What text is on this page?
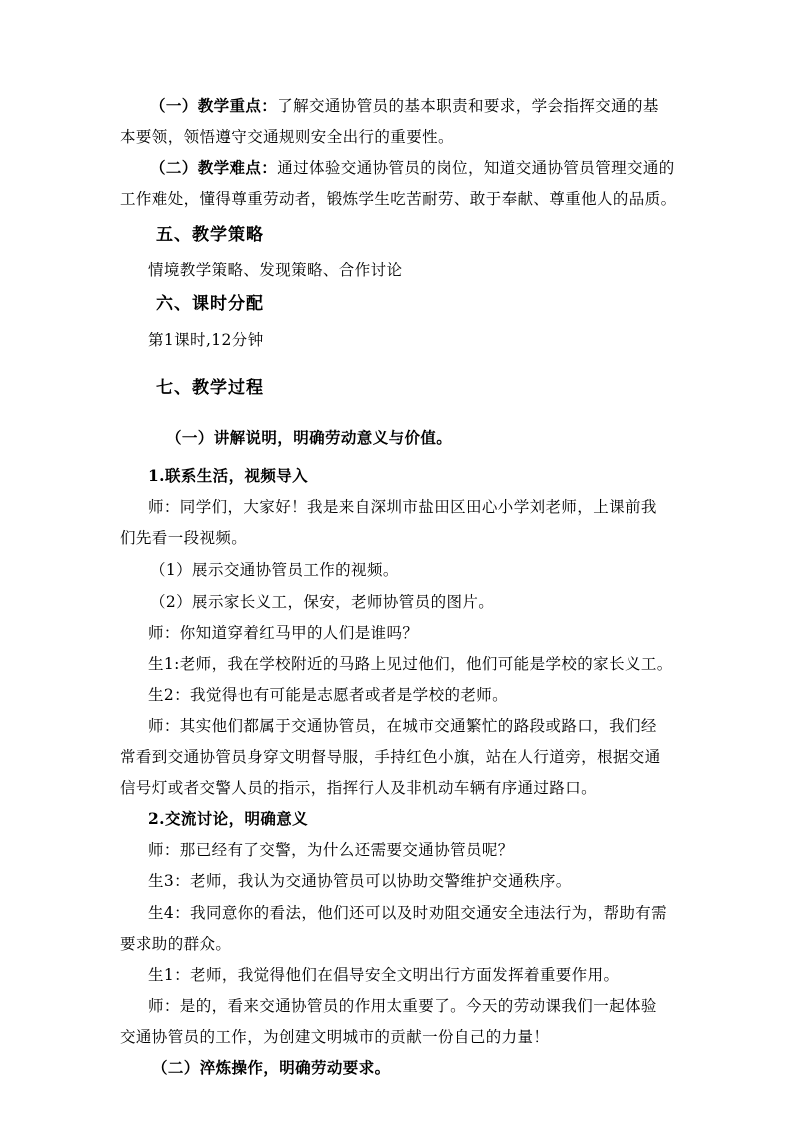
（一）教学重点：了解交通协管员的基本职责和要求，学会指挥交通的基
本要领，领悟遵守交通规则安全出行的重要性。
（二）教学难点：通过体验交通协管员的岗位，知道交通协管员管理交通的
工作难处，懂得尊重劳动者，锻炼学生吃苦耐劳、敢于奉献、尊重他人的品质。
五、教学策略
情境教学策略、发现策略、合作讨论
六、课时分配
第1课时,12分钟
七、教学过程
（一）讲解说明，明确劳动意义与价值。
1.联系生活，视频导入
师：同学们，大家好！我是来自深圳市盐田区田心小学刘老师，上课前我
们先看一段视频。
（1）展示交通协管员工作的视频。
（2）展示家长义工，保安，老师协管员的图片。
师：你知道穿着红马甲的人们是谁吗？
生1:老师，我在学校附近的马路上见过他们，他们可能是学校的家长义工。
生2：我觉得也有可能是志愿者或者是学校的老师。
师：其实他们都属于交通协管员，在城市交通繁忙的路段或路口，我们经
常看到交通协管员身穿文明督导服，手持红色小旗，站在人行道旁，根据交通
信号灯或者交警人员的指示，指挥行人及非机动车辆有序通过路口。
2.交流讨论，明确意义
师：那已经有了交警，为什么还需要交通协管员呢？
生3：老师，我认为交通协管员可以协助交警维护交通秩序。
生4：我同意你的看法，他们还可以及时劝阻交通安全违法行为，帮助有需
要求助的群众。
生1：老师，我觉得他们在倡导安全文明出行方面发挥着重要作用。
师：是的，看来交通协管员的作用太重要了。今天的劳动课我们一起体验
交通协管员的工作，为创建文明城市的贡献一份自己的力量！
（二）淬炼操作，明确劳动要求。
